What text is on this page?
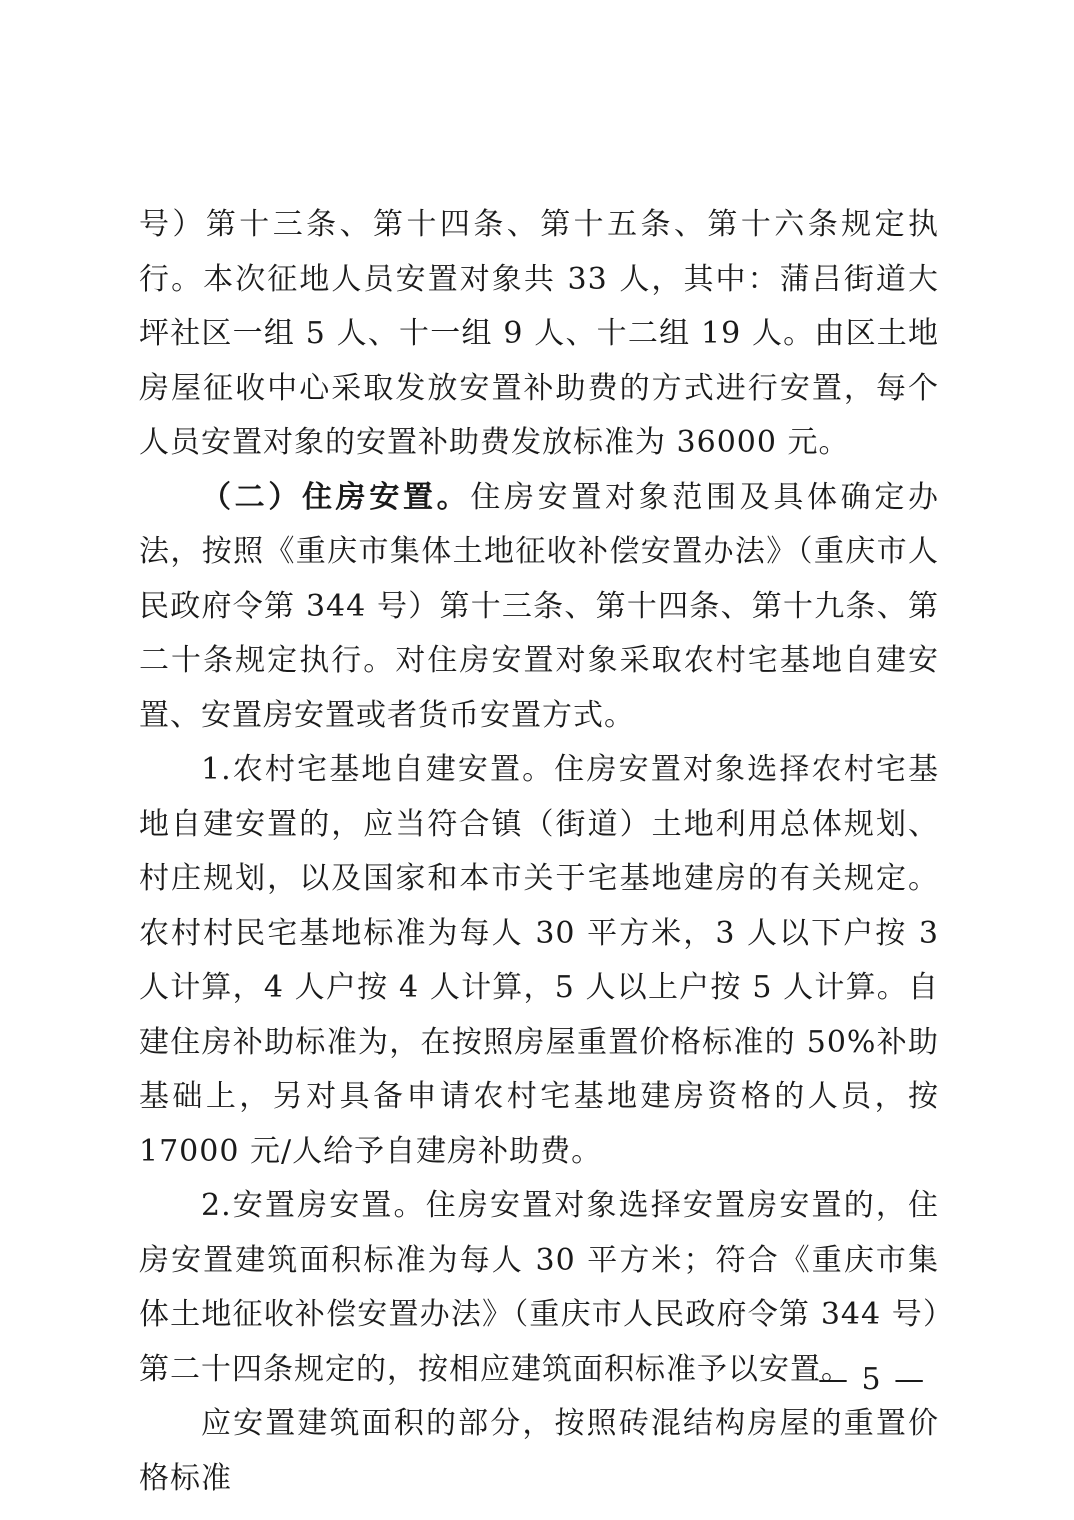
号）第十三条、第十四条、第十五条、第十六条规定执行。本次征地人员安置对象共 33 人，其中：蒲吕街道大坪社区一组 5 人、十一组 9 人、十二组 19 人。由区土地房屋征收中心采取发放安置补助费的方式进行安置，每个人员安置对象的安置补助费发放标准为 36000 元。

（二）住房安置。住房安置对象范围及具体确定办法，按照《重庆市集体土地征收补偿安置办法》（重庆市人民政府令第 344 号）第十三条、第十四条、第十九条、第二十条规定执行。对住房安置对象采取农村宅基地自建安置、安置房安置或者货币安置方式。

1.农村宅基地自建安置。住房安置对象选择农村宅基地自建安置的，应当符合镇（街道）土地利用总体规划、村庄规划，以及国家和本市关于宅基地建房的有关规定。农村村民宅基地标准为每人 30 平方米，3 人以下户按 3 人计算，4 人户按 4 人计算，5 人以上户按 5 人计算。自建住房补助标准为，在按照房屋重置价格标准的 50%补助基础上，另对具备申请农村宅基地建房资格的人员，按 17000 元/人给予自建房补助费。

2.安置房安置。住房安置对象选择安置房安置的，住房安置建筑面积标准为每人 30 平方米；符合《重庆市集体土地征收补偿安置办法》（重庆市人民政府令第 344 号）第二十四条规定的，按相应建筑面积标准予以安置。

应安置建筑面积的部分，按照砖混结构房屋的重置价格标准

— 5 —
